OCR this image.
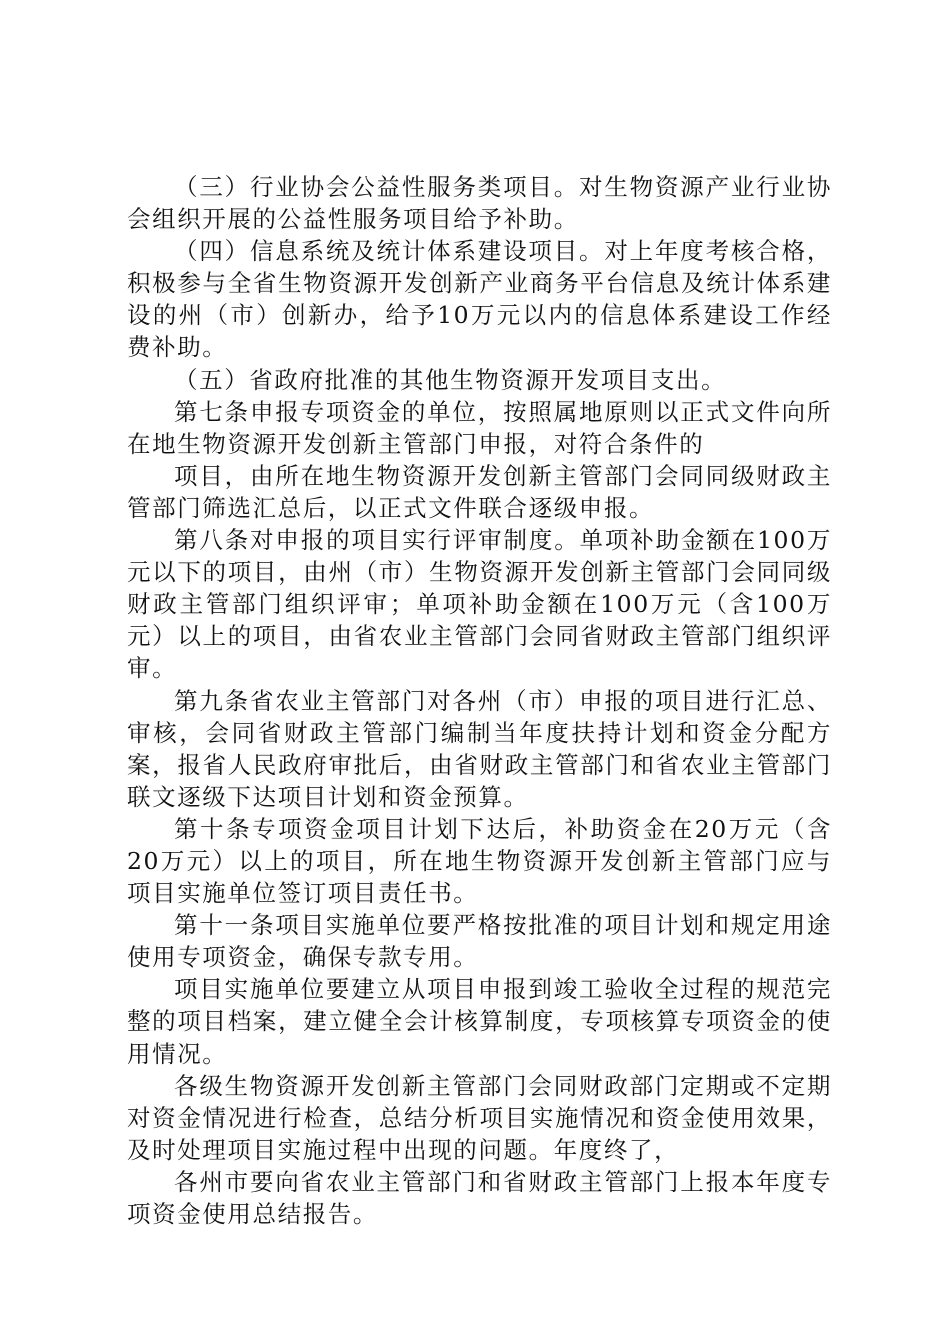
（三）行业协会公益性服务类项目。对生物资源产业行业协会组织开展的公益性服务项目给予补助。

（四）信息系统及统计体系建设项目。对上年度考核合格，积极参与全省生物资源开发创新产业商务平台信息及统计体系建设的州（市）创新办，给予10万元以内的信息体系建设工作经费补助。

（五）省政府批准的其他生物资源开发项目支出。

第七条申报专项资金的单位，按照属地原则以正式文件向所在地生物资源开发创新主管部门申报，对符合条件的

项目，由所在地生物资源开发创新主管部门会同同级财政主管部门筛选汇总后，以正式文件联合逐级申报。

第八条对申报的项目实行评审制度。单项补助金额在100万元以下的项目，由州（市）生物资源开发创新主管部门会同同级财政主管部门组织评审；单项补助金额在100万元（含100万元）以上的项目，由省农业主管部门会同省财政主管部门组织评审。

第九条省农业主管部门对各州（市）申报的项目进行汇总、审核，会同省财政主管部门编制当年度扶持计划和资金分配方案，报省人民政府审批后，由省财政主管部门和省农业主管部门联文逐级下达项目计划和资金预算。

第十条专项资金项目计划下达后，补助资金在20万元（含20万元）以上的项目，所在地生物资源开发创新主管部门应与项目实施单位签订项目责任书。

第十一条项目实施单位要严格按批准的项目计划和规定用途使用专项资金，确保专款专用。

项目实施单位要建立从项目申报到竣工验收全过程的规范完整的项目档案，建立健全会计核算制度，专项核算专项资金的使用情况。

各级生物资源开发创新主管部门会同财政部门定期或不定期对资金情况进行检查，总结分析项目实施情况和资金使用效果，及时处理项目实施过程中出现的问题。年度终了，

各州市要向省农业主管部门和省财政主管部门上报本年度专项资金使用总结报告。
